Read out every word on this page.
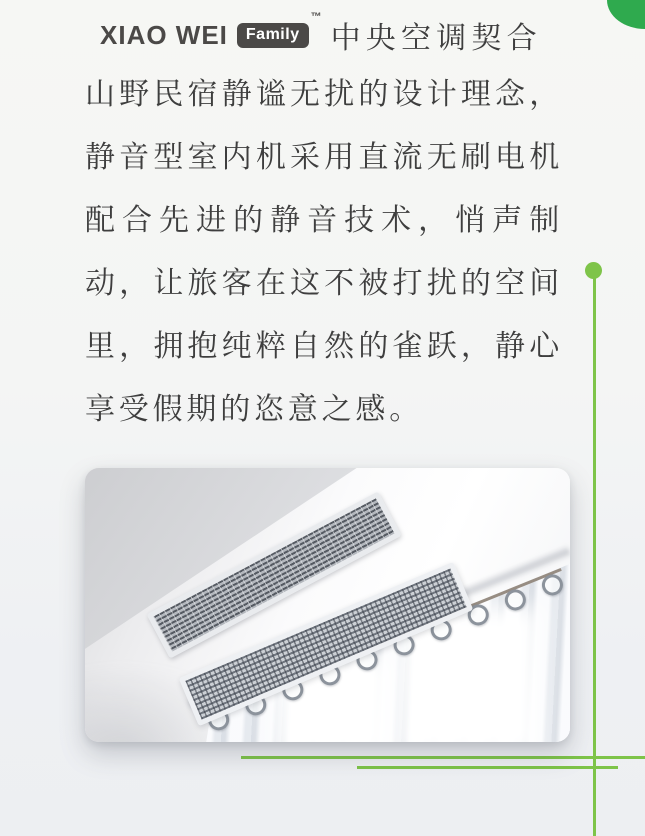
XIAO WEI	Family
™
中央空调契合

山野民宿静谧无扰的设计理念，静音型室内机采用直流无刷电机配合先进的静音技术，悄声制动，让旅客在这不被打扰的空间里，拥抱纯粹自然的雀跃，静心享受假期的恣意之感。
